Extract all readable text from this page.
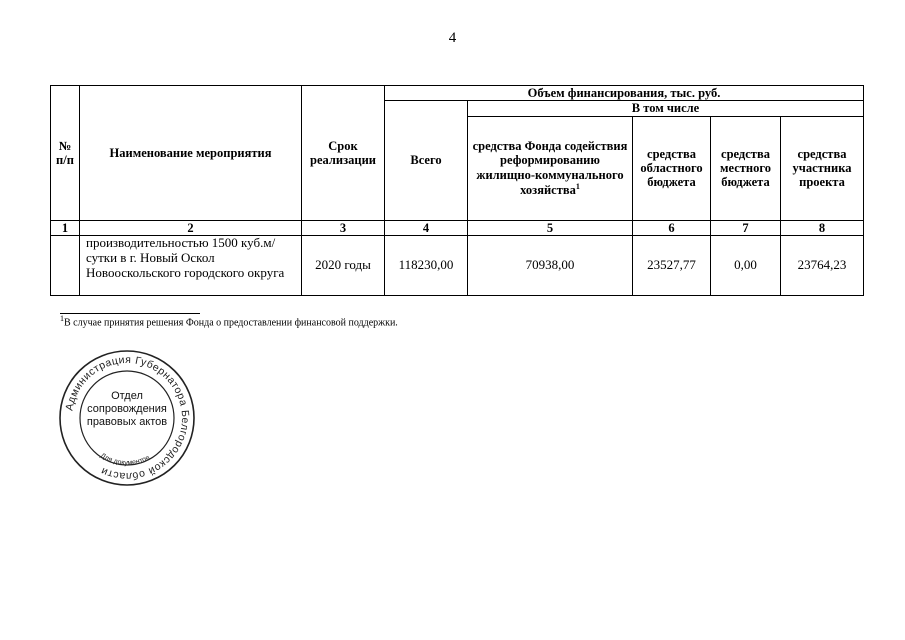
4
№ п/п	Наименование мероприятия	Срок реализации	Объем финансирования, тыс. руб.				
			Всего	В том числе			
				средства Фонда содействия реформированию жилищно-коммунального хозяйства$^1$	средства областного бюджета	средства местного бюджета	средства участника проекта
1	2	3	4	5	6	7	8
	производительностью 1500 куб.м/сутки в г. Новый Оскол Новооскольского городского округа	2020 годы	118230,00	70938,00	23527,77	0,00	23764,23
$^1$В случае принятия решения Фонда о предоставлении финансовой поддержки.
Администрация Губернатора Белгородской области
Для документов
Отдел сопровождения правовых актов
